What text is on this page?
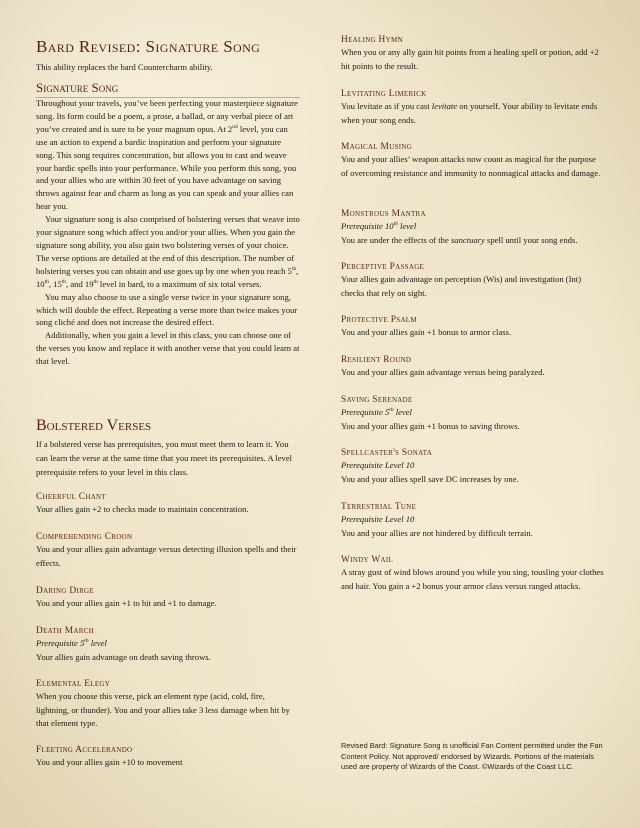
Bard Revised: Signature Song
This ability replaces the bard Countercharm ability.
Signature Song

Throughout your travels, you’ve been perfecting your masterpiece signature song. Its form could be a poem, a prose, a ballad, or any verbal piece of art you’ve created and is sure to be your magnum opus. At 2nd level, you can use an action to expend a bardic inspiration and perform your signature song. This song requires concentration, but allows you to cast and weave your bardic spells into your performance. While you perform this song, you and your allies who are within 30 feet of you have advantage on saving throws against fear and charm as long as you can speak and your allies can hear you.

Your signature song is also comprised of bolstering verses that weave into your signature song which affect you and/or your allies. When you gain the signature song ability, you also gain two bolstering verses of your choice. The verse options are detailed at the end of this description. The number of bolstering verses you can obtain and use goes up by one when you reach 5th, 10th, 15th, and 19th level in bard, to a maximum of six total verses.

You may also choose to use a single verse twice in your signature song, which will double the effect. Repeating a verse more than twice makes your song cliché and does not increase the desired effect.

Additionally, when you gain a level in this class, you can choose one of the verses you know and replace it with another verse that you could learn at that level.

Bolstered Verses
If a bolstered verse has prerequisites, you must meet them to learn it. You can learn the verse at the same time that you meet its prerequisites. A level prerequisite refers to your level in this class.
Cheerful Chant
Your allies gain +2 to checks made to maintain concentration.
Comprehending Croon
You and your allies gain advantage versus detecting illusion spells and their effects.
Daring Dirge
You and your allies gain +1 to hit and +1 to damage.
Death March
Prerequisite 5th level
Your allies gain advantage on death saving throws.
Elemental Elegy
When you choose this verse, pick an element type (acid, cold, fire, lightning, or thunder). You and your allies take 3 less damage when hit by that element type.
Fleeting Accelerando
You and your allies gain +10 to movement
Healing Hymn
When you or any ally gain hit points from a healing spell or potion, add +2 hit points to the result.
Levitating Limerick
You levitate as if you cast levitate on yourself. Your ability to levitate ends when your song ends.
Magical Musing
You and your allies’ weapon attacks now count as magical for the purpose of overcoming resistance and immunity to nonmagical attacks and damage.
Monstrous Mantra
Prerequisite 10th level
You are under the effects of the sanctuary spell until your song ends.
Perceptive Passage
Your allies gain advantage on perception (Wis) and investigation (Int) checks that rely on sight.
Protective Psalm
You and your allies gain +1 bonus to armor class.
Resilient Round
You and your allies gain advantage versus being paralyzed.
Saving Serenade
Prerequisite 5th level
You and your allies gain +1 bonus to saving throws.
Spellcaster's Sonata
Prerequisite Level 10
You and your allies spell save DC increases by one.
Terrestrial Tune
Prerequisite Level 10
You and your allies are not hindered by difficult terrain.
Windy Wail
A stray gust of wind blows around you while you sing, tousling your clothes and hair. You gain a +2 bonus your armor class versus ranged attacks.
Revised Bard: Signature Song is unofficial Fan Content permitted under the Fan Content Policy. Not approved/ endorsed by Wizards. Portions of the materials used are property of Wizards of the Coast. ©Wizards of the Coast LLC.
